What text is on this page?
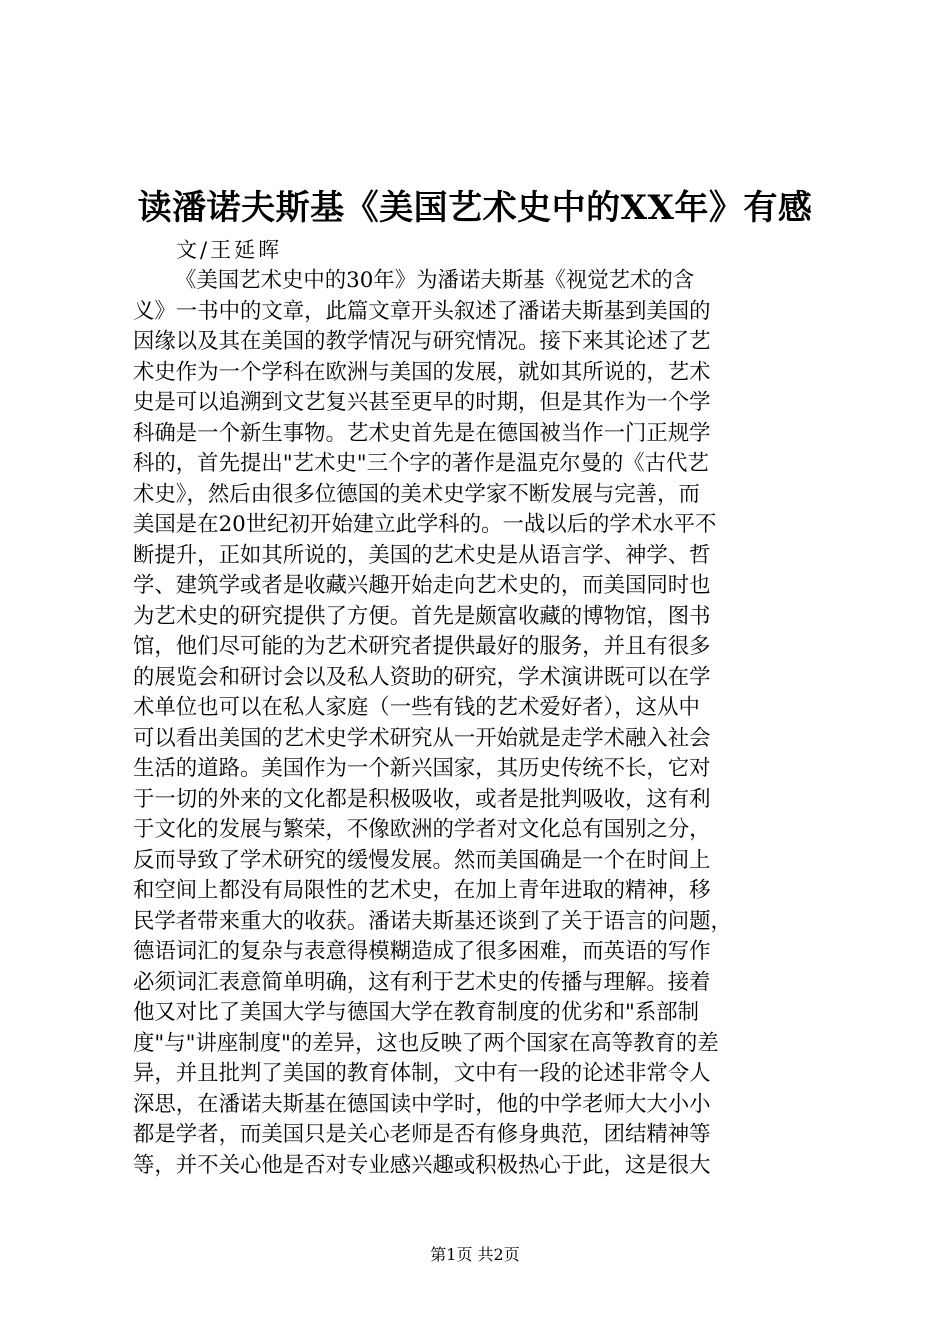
读潘诺夫斯基《美国艺术史中的XX年》有感
文/王延晖
《美国艺术史中的30年》为潘诺夫斯基《视觉艺术的含
义》一书中的文章，此篇文章开头叙述了潘诺夫斯基到美国的
因缘以及其在美国的教学情况与研究情况。接下来其论述了艺
术史作为一个学科在欧洲与美国的发展，就如其所说的，艺术
史是可以追溯到文艺复兴甚至更早的时期，但是其作为一个学
科确是一个新生事物。艺术史首先是在德国被当作一门正规学
科的，首先提出"艺术史"三个字的著作是温克尔曼的《古代艺
术史》，然后由很多位德国的美术史学家不断发展与完善，而
美国是在20世纪初开始建立此学科的。一战以后的学术水平不
断提升，正如其所说的，美国的艺术史是从语言学、神学、哲
学、建筑学或者是收藏兴趣开始走向艺术史的，而美国同时也
为艺术史的研究提供了方便。首先是颇富收藏的博物馆，图书
馆，他们尽可能的为艺术研究者提供最好的服务，并且有很多
的展览会和研讨会以及私人资助的研究，学术演讲既可以在学
术单位也可以在私人家庭（一些有钱的艺术爱好者），这从中
可以看出美国的艺术史学术研究从一开始就是走学术融入社会
生活的道路。美国作为一个新兴国家，其历史传统不长，它对
于一切的外来的文化都是积极吸收，或者是批判吸收，这有利
于文化的发展与繁荣，不像欧洲的学者对文化总有国别之分，
反而导致了学术研究的缓慢发展。然而美国确是一个在时间上
和空间上都没有局限性的艺术史，在加上青年进取的精神，移
民学者带来重大的收获。潘诺夫斯基还谈到了关于语言的问题，
德语词汇的复杂与表意得模糊造成了很多困难，而英语的写作
必须词汇表意简单明确，这有利于艺术史的传播与理解。接着
他又对比了美国大学与德国大学在教育制度的优劣和"系部制
度"与"讲座制度"的差异，这也反映了两个国家在高等教育的差
异，并且批判了美国的教育体制，文中有一段的论述非常令人
深思，在潘诺夫斯基在德国读中学时，他的中学老师大大小小
都是学者，而美国只是关心老师是否有修身典范，团结精神等
等，并不关心他是否对专业感兴趣或积极热心于此，这是很大
第1页 共2页
